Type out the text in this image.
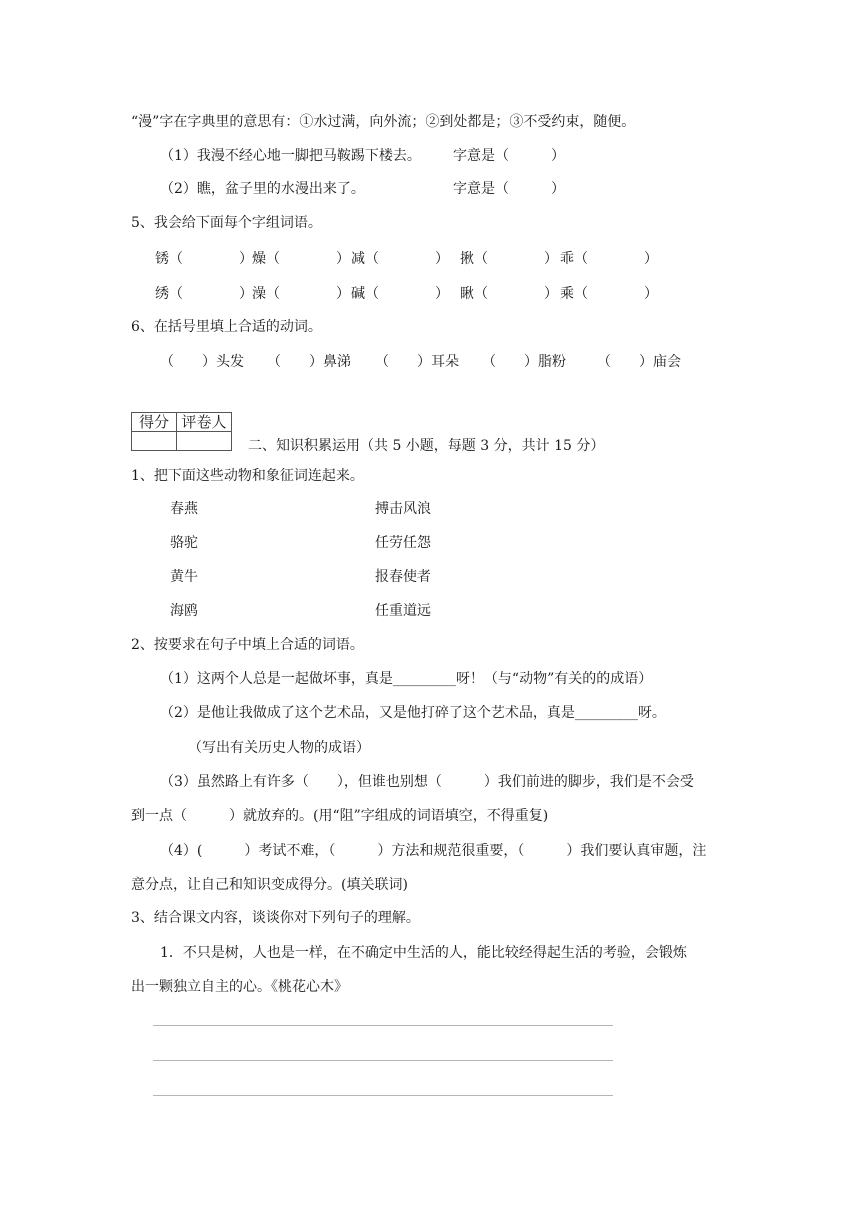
“漫”字在字典里的意思有：①水过满，向外流；②到处都是；③不受约束，随便。
（1）我漫不经心地一脚把马鞍踢下楼去。 字意是（　　　）
（2）瞧，盆子里的水漫出来了。	字意是（　　　）
5、我会给下面每个字组词语。
锈（　　　　） 燥（　　　　） 减（　　　　） 揪（　　　　） 乖（　　　　）
绣（　　　　） 澡（　　　　） 碱（　　　　） 瞅（　　　　） 乘（　　　　）
6、在括号里填上合适的动词。
（　　）头发 （　　）鼻涕 （　　）耳朵 （　　）脂粉 （　　）庙会
得分	评卷人

二、知识积累运用（共 5 小题，每题 3 分，共计 15 分）
1、把下面这些动物和象征词连起来。
春燕	搏击风浪
骆驼	任劳任怨
黄牛	报春使者
海鸥	任重道远
2、按要求在句子中填上合适的词语。
（1）这两个人总是一起做坏事，真是_________呀！（与“动物”有关的的成语）
（2）是他让我做成了这个艺术品，又是他打碎了这个艺术品，真是_________呀。
（写出有关历史人物的成语）
（3）虽然路上有许多（　　），但谁也别想（　　　）我们前进的脚步，我们是不会受
到一点（　　　）就放弃的。(用“阻”字组成的词语填空，不得重复)
（4）(　　　）考试不难，（　　　）方法和规范很重要，（　　　）我们要认真审题，注
意分点，让自己和知识变成得分。(填关联词)
3、结合课文内容，谈谈你对下列句子的理解。
1．不只是树，人也是一样，在不确定中生活的人，能比较经得起生活的考验，会锻炼
出一颗独立自主的心。《桃花心木》
